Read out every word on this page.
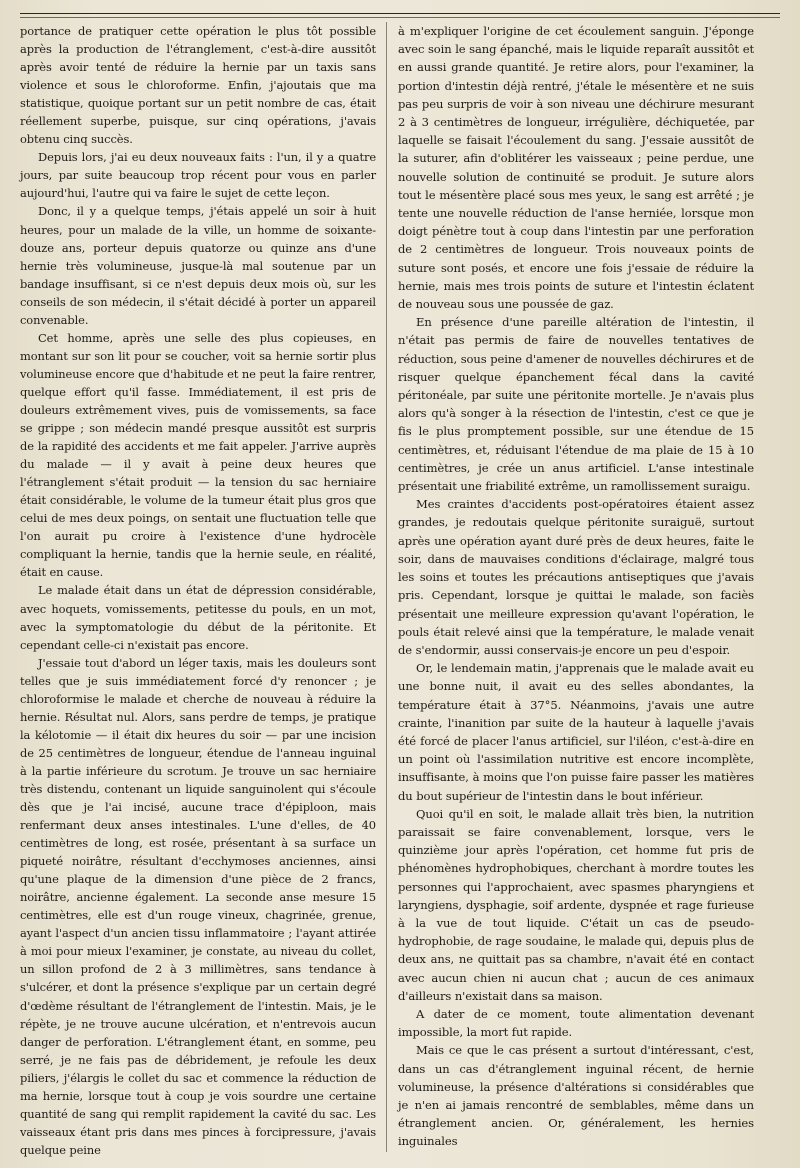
portance de pratiquer cette opération le plus tôt possible après la production de l'étranglement, c'est-à-dire aussitôt après avoir tenté de réduire la hernie par un taxis sans violence et sous le chloroforme. Enfin, j'ajoutais que ma statistique, quoique portant sur un petit nombre de cas, était réellement superbe, puisque, sur cinq opérations, j'avais obtenu cinq succès.

Depuis lors, j'ai eu deux nouveaux faits : l'un, il y a quatre jours, par suite beaucoup trop récent pour vous en parler aujourd'hui, l'autre qui va faire le sujet de cette leçon.

Donc, il y a quelque temps, j'étais appelé un soir à huit heures, pour un malade de la ville, un homme de soixante-douze ans, porteur depuis quatorze ou quinze ans d'une hernie très volumineuse, jusque-là mal soutenue par un bandage insuffisant, si ce n'est depuis deux mois où, sur les conseils de son médecin, il s'était décidé à porter un appareil convenable.

Cet homme, après une selle des plus copieuses, en montant sur son lit pour se coucher, voit sa hernie sortir plus volumineuse encore que d'habitude et ne peut la faire rentrer, quelque effort qu'il fasse. Immédiatement, il est pris de douleurs extrêmement vives, puis de vomissements, sa face se grippe ; son médecin mandé presque aussitôt est surpris de la rapidité des accidents et me fait appeler. J'arrive auprès du malade — il y avait à peine deux heures que l'étranglement s'était produit — la tension du sac herniaire était considérable, le volume de la tumeur était plus gros que celui de mes deux poings, on sentait une fluctuation telle que l'on aurait pu croire à l'existence d'une hydrocèle compliquant la hernie, tandis que la hernie seule, en réalité, était en cause.

Le malade était dans un état de dépression considérable, avec hoquets, vomissements, petitesse du pouls, en un mot, avec la symptomatologie du début de la péritonite. Et cependant celle-ci n'existait pas encore.

J'essaie tout d'abord un léger taxis, mais les douleurs sont telles que je suis immédiatement forcé d'y renoncer ; je chloroformise le malade et cherche de nouveau à réduire la hernie. Résultat nul. Alors, sans perdre de temps, je pratique la kélotomie — il était dix heures du soir — par une incision de 25 centimètres de longueur, étendue de l'anneau inguinal à la partie inférieure du scrotum. Je trouve un sac herniaire très distendu, contenant un liquide sanguinolent qui s'écoule dès que je l'ai incisé, aucune trace d'épiploon, mais renfermant deux anses intestinales. L'une d'elles, de 40 centimètres de long, est rosée, présentant à sa surface un piqueté noirâtre, résultant d'ecchymoses anciennes, ainsi qu'une plaque de la dimension d'une pièce de 2 francs, noirâtre, ancienne également. La seconde anse mesure 15 centimètres, elle est d'un rouge vineux, chagrinée, grenue, ayant l'aspect d'un ancien tissu inflammatoire ; l'ayant attirée à moi pour mieux l'examiner, je constate, au niveau du collet, un sillon profond de 2 à 3 millimètres, sans tendance à s'ulcérer, et dont la présence s'explique par un certain degré d'œdème résultant de l'étranglement de l'intestin. Mais, je le répète, je ne trouve aucune ulcération, et n'entrevois aucun danger de perforation. L'étranglement étant, en somme, peu serré, je ne fais pas de débridement, je refoule les deux piliers, j'élargis le collet du sac et commence la réduction de ma hernie, lorsque tout à coup je vois sourdre une certaine quantité de sang qui remplit rapidement la cavité du sac. Les vaisseaux étant pris dans mes pinces à forcipressure, j'avais quelque peine

à m'expliquer l'origine de cet écoulement sanguin. J'éponge avec soin le sang épanché, mais le liquide reparaît aussitôt et en aussi grande quantité. Je retire alors, pour l'examiner, la portion d'intestin déjà rentré, j'étale le mésentère et ne suis pas peu surpris de voir à son niveau une déchirure mesurant 2 à 3 centimètres de longueur, irrégulière, déchiquetée, par laquelle se faisait l'écoulement du sang. J'essaie aussitôt de la suturer, afin d'oblitérer les vaisseaux ; peine perdue, une nouvelle solution de continuité se produit. Je suture alors tout le mésentère placé sous mes yeux, le sang est arrêté ; je tente une nouvelle réduction de l'anse herniée, lorsque mon doigt pénètre tout à coup dans l'intestin par une perforation de 2 centimètres de longueur. Trois nouveaux points de suture sont posés, et encore une fois j'essaie de réduire la hernie, mais mes trois points de suture et l'intestin éclatent de nouveau sous une poussée de gaz.

En présence d'une pareille altération de l'intestin, il n'était pas permis de faire de nouvelles tentatives de réduction, sous peine d'amener de nouvelles déchirures et de risquer quelque épanchement fécal dans la cavité péritonéale, par suite une péritonite mortelle. Je n'avais plus alors qu'à songer à la résection de l'intestin, c'est ce que je fis le plus promptement possible, sur une étendue de 15 centimètres, et, réduisant l'étendue de ma plaie de 15 à 10 centimètres, je crée un anus artificiel. L'anse intestinale présentait une friabilité extrême, un ramollissement suraigu.

Mes craintes d'accidents post-opératoires étaient assez grandes, je redoutais quelque péritonite suraiguë, surtout après une opération ayant duré près de deux heures, faite le soir, dans de mauvaises conditions d'éclairage, malgré tous les soins et toutes les précautions antiseptiques que j'avais pris. Cependant, lorsque je quittai le malade, son faciès présentait une meilleure expression qu'avant l'opération, le pouls était relevé ainsi que la température, le malade venait de s'endormir, aussi conservais-je encore un peu d'espoir.

Or, le lendemain matin, j'apprenais que le malade avait eu une bonne nuit, il avait eu des selles abondantes, la température était à 37°5. Néanmoins, j'avais une autre crainte, l'inanition par suite de la hauteur à laquelle j'avais été forcé de placer l'anus artificiel, sur l'iléon, c'est-à-dire en un point où l'assimilation nutritive est encore incomplète, insuffisante, à moins que l'on puisse faire passer les matières du bout supérieur de l'intestin dans le bout inférieur.

Quoi qu'il en soit, le malade allait très bien, la nutrition paraissait se faire convenablement, lorsque, vers le quinzième jour après l'opération, cet homme fut pris de phénomènes hydrophobiques, cherchant à mordre toutes les personnes qui l'approchaient, avec spasmes pharyngiens et laryngiens, dysphagie, soif ardente, dyspnée et rage furieuse à la vue de tout liquide. C'était un cas de pseudo-hydrophobie, de rage soudaine, le malade qui, depuis plus de deux ans, ne quittait pas sa chambre, n'avait été en contact avec aucun chien ni aucun chat ; aucun de ces animaux d'ailleurs n'existait dans sa maison.

A dater de ce moment, toute alimentation devenant impossible, la mort fut rapide.

Mais ce que le cas présent a surtout d'intéressant, c'est, dans un cas d'étranglement inguinal récent, de hernie volumineuse, la présence d'altérations si considérables que je n'en ai jamais rencontré de semblables, même dans un étranglement ancien. Or, généralement, les hernies inguinales
